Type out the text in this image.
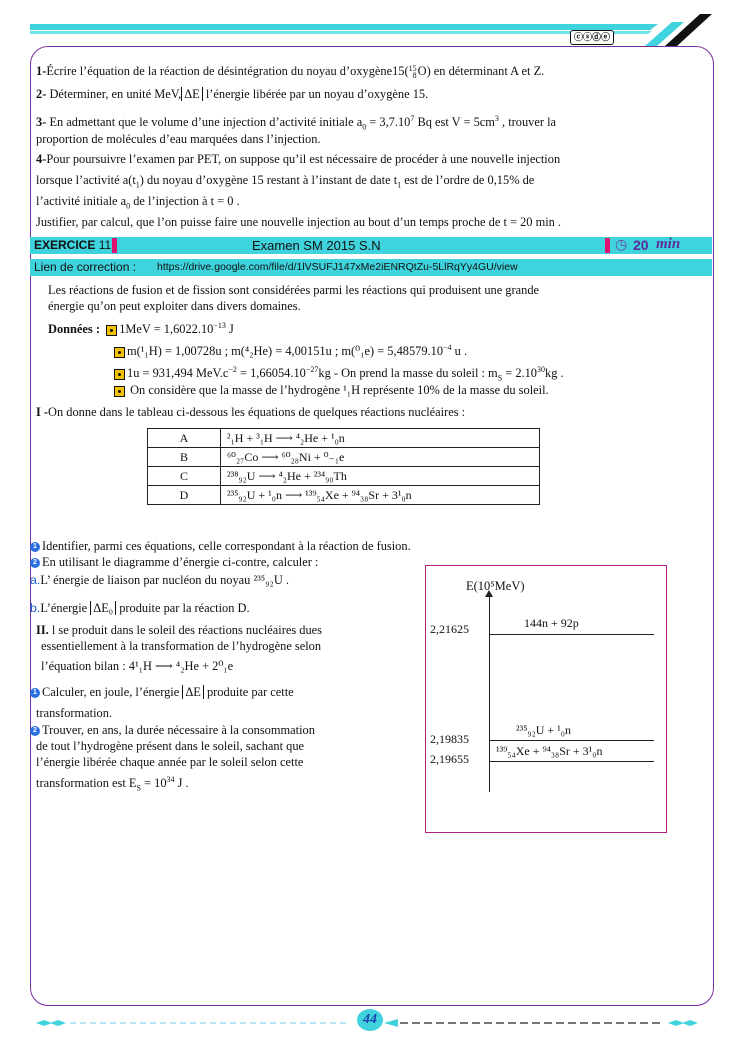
ⓒⓢⓓⓔ
1-Écrire l’équation de la réaction de désintégration du noyau d’oxygène15( 15
8 O) en déterminant A et Z.
2- Déterminer, en unité MeV, ΔE l’énergie libérée par un noyau d’oxygène 15.
3- En admettant que le volume d’une injection d’activité initiale $a_0 = 3,7.10^7$ Bq est $V = 5cm^3$ , trouver la
proportion de molécules d’eau marquées dans l’injection.
4-Pour poursuivre l’examen par PET, on suppose qu’il est nécessaire de procéder à une nouvelle injection
lorsque l’activité $a(t_1)$ du noyau d’oxygène 15 restant à l’instant de date $t_1$ est de l’ordre de 0,15% de
l’activité initiale $a_0$ de l’injection à t = 0 .
Justifier, par calcul, que l’on puisse faire une nouvelle injection au bout d’un temps proche de t = 20 min .
EXERCICE 11	Examen SM 2015 S.N	◷ 20 min
Lien de correction : https://drive.google.com/file/d/1lVSUFJ147xMe2iENRQtZu-5LlRqYy4GU/view
Les réactions de fusion et de fission sont considérées parmi les réactions qui produisent une grande
énergie qu’on peut exploiter dans divers domaines.
Données : $1MeV = 1,6022.10^{-13}$ J
m(¹₁H) = 1,00728u ; m(⁴₂He) = 4,00151u ; $m(^0_1e) = 5,48579.10^{-4}$ u .
1u = 931,494 $MeV.c^{-2} = 1,66054.10^{-27}kg - On$ prend la masse du soleil : $m_S = 2.10^{30}kg$ .
On considère que la masse de l’hydrogène ¹₁H représente 10% de la masse du soleil.
I -On donne dans le tableau ci-dessous les équations de quelques réactions nucléaires :
A	²₁H + ³₁H ⟶ ⁴₂He + ¹₀n
B	⁶⁰₂₇Co ⟶ ⁶⁰₂₈Ni + ⁰₋₁e
C	²³⁸₉₂U ⟶ ⁴₂He + ²³⁴₉₀Th
D	²³⁵₉₂U + ¹₀n ⟶ ¹³⁹₅₄Xe + ⁹⁴₃₈Sr + 3¹₀n
1 Identifier, parmi ces équations, celle correspondant à la réaction de fusion.
2 En utilisant le diagramme d’énergie ci-contre, calculer :
a.L’ énergie de liaison par nucléon du noyau ²³⁵₉₂U .
b.L’énergie ΔE₀ produite par la réaction D.
II. l se produit dans le soleil des réactions nucléaires dues
essentiellement à la transformation de l’hydrogène selon
l’équation bilan : 4¹₁H ⟶ ⁴₂He + 2⁰₁e
1 Calculer, en joule, l’énergie ΔE produite par cette
transformation.
2 Trouver, en ans, la durée nécessaire à la consommation
de tout l’hydrogène présent dans le soleil, sachant que
l’énergie libérée chaque année par le soleil selon cette
transformation est $E_S = 10^{34}$ J .
E(10⁵MeV)
2,21625	144n + 92p
2,19835
²³⁵₉₂U + ¹₀n
2,19655
¹³⁹₅₄Xe + ⁹⁴₃₈Sr + 3¹₀n
44
